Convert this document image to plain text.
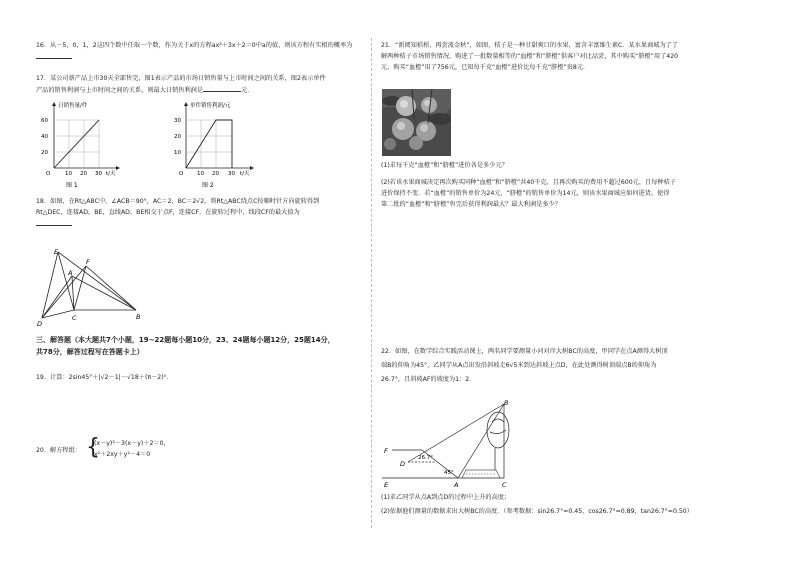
16．从－5，0，1，2这四个数中任取一个数，作为关于x的方程ax²＋3x＋2＝0中a的值，则该方程有实根的概率为

17．某公司新产品上市30天全部售完，图1表示产品的市场日销售量与上市时间之间的关系，图2表示单件

产品的销售利润与上市时间之间的关系，则最大日销售利润是	元．

日销售量/件
60
40
20
O	10 20 30 t/天
图 1
单件销售利润/元
30
20
10
O 10 20 30 t/天
图 2

18．如图，在Rt△ABC中，∠ACB＝90°，AC＝2，BC＝2√2，将Rt△ABC绕点C按顺时针方向旋转得到

Rt△DEC，连接AD，BE，直线AD，BE相交于点F，连接CF，在旋转过程中，线段CF的最大值为

E
A
F
C	B
D

三、解答题（本大题共7个小题，19~22题每小题10分，23、24题每小题12分，25题14分，

共78分，解答过程写在答题卡上）

19．计算：2sin45°＋|√2－1|－√18＋(π－2)⁰．

20．解方程组： {
(x－y)²－3(x－y)＋2＝0，
x²＋2xy＋y²－4＝0

21．“新阅知桔柑，再尝流金秋”，如图，桔子是一种甘甜爽口的水果，富含丰富维生素C．某水果商城为了了

解两种桔子市场销售情况，购进了一批数量相等的“血橙”和“脐橙”供客户对比品尝，其中购买“脐橙”用了420

元，购买“血橙”用了756元，已知每千克“血橙”进价比每千克“脐橙”贵8元．

(1)求每千克“血橙”和“脐橙”进价各是多少元？

(2)若该水果商城决定再次购买同种“血橙”和“脐橙”共40千克，且再次购买的费用不超过600元，且每种桔子

进价保持不变．若“血橙”的销售单价为24元，“脐橙”的销售单价为14元，则该水果商城应如何进货，使得

第二批的“血橙”和“脐橙”售完后获得利润最大？最大利润是多少？

22．如图，在数学综合实践活动课上，两名同学要测量小河对岸大树BC的高度，甲同学在点A测得大树顶

端B的仰角为45°，乙同学从A点出发沿斜坡走6√5米到达斜坡上点D，在此处测得树顶端点B的仰角为

26.7°，且斜坡AF的坡度为1：2．

B
F
D
E	A	C
26.7°
45°

(1)求乙同学从点A到点D的过程中上升的高度；

(2)依据他们测量的数据求出大树BC的高度．（参考数据：sin26.7°≈0.45，cos26.7°≈0.89，tan26.7°≈0.50）
